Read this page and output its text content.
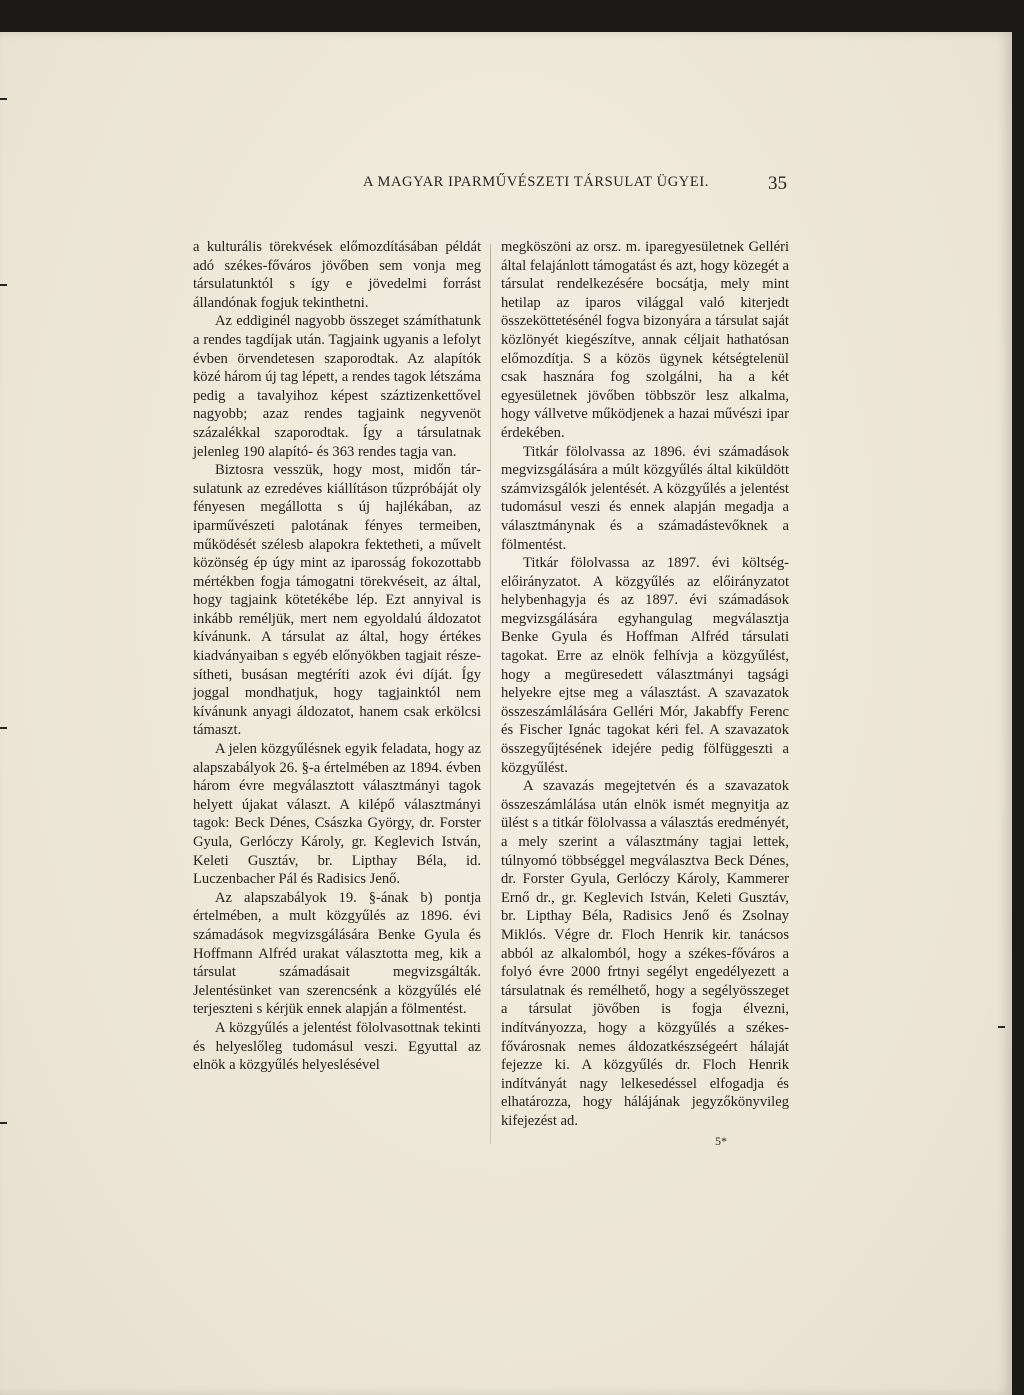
A MAGYAR IPARMŰVÉSZETI TÁRSULAT ÜGYEI.	35

a kulturális törekvések előmozdításában példát adó székes-főváros jövőben sem vonja meg társulatunktól s így e jövedelmi forrást állandónak fogjuk tekinthetni.

Az eddiginél nagyobb összeget számíthatunk a rendes tagdíjak után. Tagjaink ugyanis a lefolyt évben örvendetesen szaporodtak. Az alapítók közé három új tag lépett, a rendes tagok létszáma pedig a tavalyihoz képest száztizenkettővel nagyobb; azaz rendes tagjaink negyvenöt százalékkal szaporodtak. Így a társulatnak jelenleg 190 alapító- és 363 rendes tagja van.

Biztosra vesszük, hogy most, midőn társulatunk az ezredéves kiállításon tűzpróbáját oly fényesen megállotta s új hajlékában, az iparművészeti palotának fényes termeiben, működését szélesb alapokra fektetheti, a művelt közönség ép úgy mint az iparosság fokozottabb mértékben fogja támogatni törekvéseit, az által, hogy tagjaink kötetékébe lép. Ezt annyival is inkább reméljük, mert nem egyoldalú áldozatot kívánunk. A társulat az által, hogy értékes kiadványaiban s egyéb előnyökben tagjait részesítheti, busásan megtéríti azok évi díját. Így joggal mondhatjuk, hogy tagjainktól nem kívánunk anyagi áldozatot, hanem csak erkölcsi támaszt.

A jelen közgyűlésnek egyik feladata, hogy az alapszabályok 26. §-a értelmében az 1894. évben három évre megválasztott választmányi tagok helyett újakat választ. A kilépő választmányi tagok: Beck Dénes, Császka György, dr. Forster Gyula, Gerlóczy Károly, gr. Keglevich István, Keleti Gusztáv, br. Lipthay Béla, id. Luczenbacher Pál és Radisics Jenő.

Az alapszabályok 19. §-ának b) pontja értelmében, a mult közgyűlés az 1896. évi számadások megvizsgálására Benke Gyula és Hoffmann Alfréd urakat választotta meg, kik a társulat számadásait megvizsgálták. Jelentésünket van szerencsénk a közgyűlés elé terjeszteni s kérjük ennek alapján a fölmentést.

A közgyűlés a jelentést fölolvasottnak tekinti és helyeslőleg tudomásul veszi. Egyuttal az elnök a közgyűlés helyeslésével

megköszöni az orsz. m. iparegyesületnek Gelléri által felajánlott támogatást és azt, hogy közegét a társulat rendelkezésére bocsátja, mely mint hetilap az iparos világgal való kiterjedt összeköttetésénél fogva bizonyára a társulat saját közlönyét kiegészítve, annak céljait hathatósan előmozdítja. S a közös ügynek kétségtelenül csak hasznára fog szolgálni, ha a két egyesületnek jövőben többször lesz alkalma, hogy vállvetve működjenek a hazai művészi ipar érdekében.

Titkár fölolvassa az 1896. évi számadások megvizsgálására a múlt közgyűlés által kiküldött számvizsgálók jelentését. A közgyűlés a jelentést tudomásul veszi és ennek alapján megadja a választmánynak és a számadástevőknek a fölmentést.

Titkár fölolvassa az 1897. évi költségelőirányzatot. A közgyűlés az előirányzatot helybenhagyja és az 1897. évi számadások megvizsgálására egyhangulag megválasztja Benke Gyula és Hoffman Alfréd társulati tagokat. Erre az elnök felhívja a közgyűlést, hogy a megüresedett választmányi tagsági helyekre ejtse meg a választást. A szavazatok összeszámlálására Gelléri Mór, Jakabffy Ferenc és Fischer Ignác tagokat kéri fel. A szavazatok összegyűjtésének idejére pedig fölfüggeszti a közgyűlést.

A szavazás megejtetvén és a szavazatok összeszámlálása után elnök ismét megnyitja az ülést s a titkár fölolvassa a választás eredményét, a mely szerint a választmány tagjai lettek, túlnyomó többséggel megválasztva Beck Dénes, dr. Forster Gyula, Gerlóczy Károly, Kammerer Ernő dr., gr. Keglevich István, Keleti Gusztáv, br. Lipthay Béla, Radisics Jenő és Zsolnay Miklós. Végre dr. Floch Henrik kir. tanácsos abból az alkalomból, hogy a székes-főváros a folyó évre 2000 frtnyi segélyt engedélyezett a társulatnak és remélhető, hogy a segélyösszeget a társulat jövőben is fogja élvezni, indítványozza, hogy a közgyűlés a székes-fővárosnak nemes áldozatkészségeért hálaját fejezze ki. A közgyűlés dr. Floch Henrik indítványát nagy lelkesedéssel elfogadja és elhatározza, hogy hálájának jegyzőkönyvileg kifejezést ad.

5*
